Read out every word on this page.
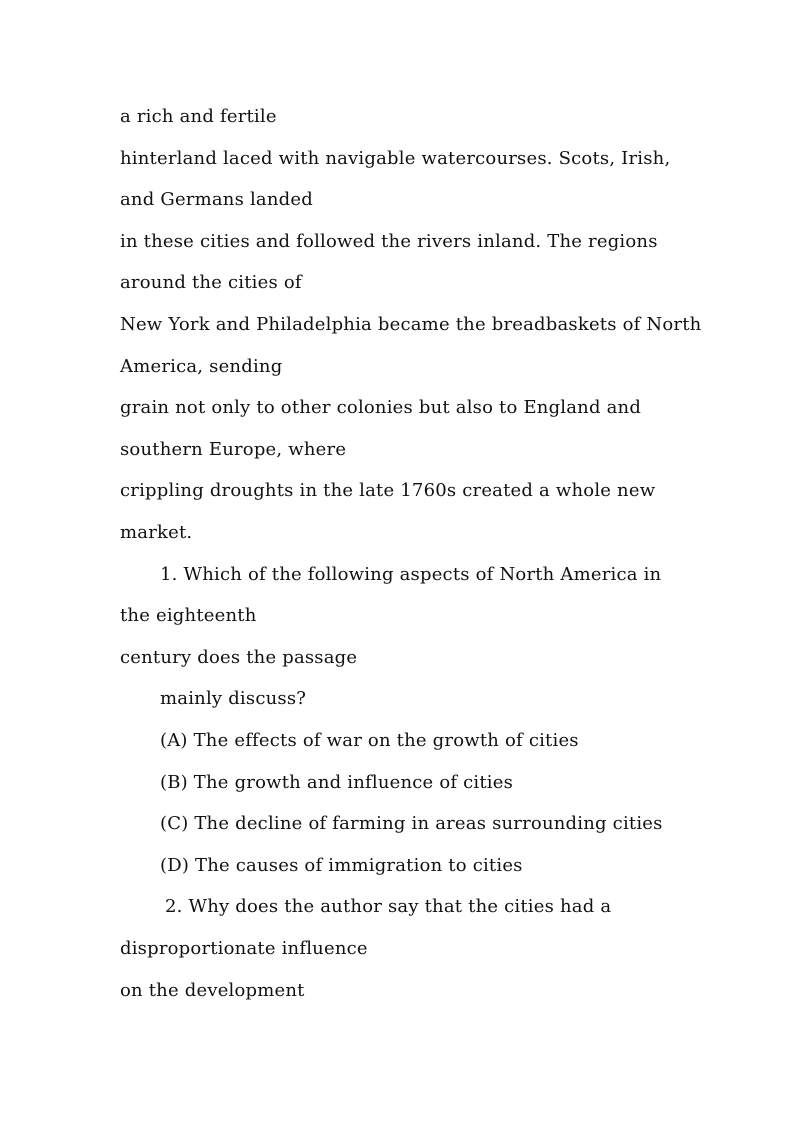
a rich and fertile
hinterland laced with navigable watercourses. Scots, Irish,
and Germans landed
in these cities and followed the rivers inland. The regions
around the cities of
New York and Philadelphia became the breadbaskets of North
America, sending
grain not only to other colonies but also to England and
southern Europe, where
crippling droughts in the late 1760s created a whole new
market.
1. Which of the following aspects of North America in
the eighteenth
century does the passage
mainly discuss?
(A) The effects of war on the growth of cities
(B) The growth and influence of cities
(C) The decline of farming in areas surrounding cities
(D) The causes of immigration to cities
2. Why does the author say that the cities had a
disproportionate influence
on the development
